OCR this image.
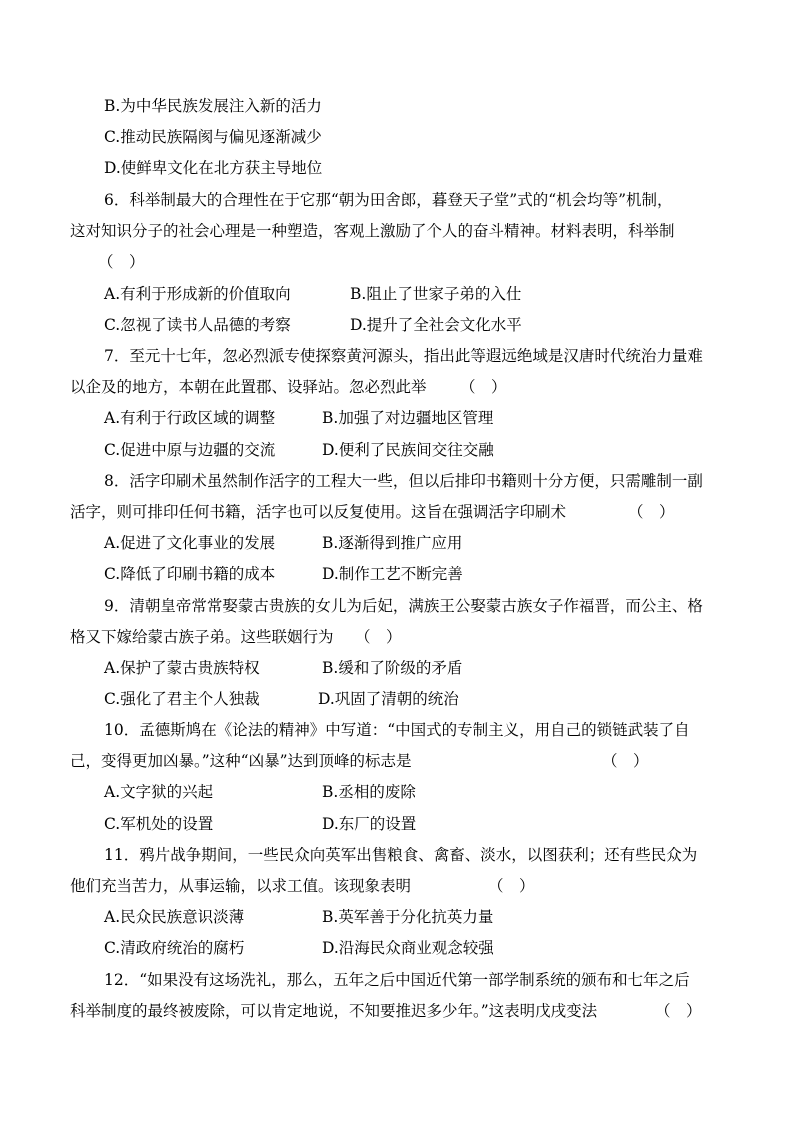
B.为中华民族发展注入新的活力
C.推动民族隔阂与偏见逐渐减少
D.使鲜卑文化在北方获主导地位
6．科举制最大的合理性在于它那“朝为田舍郎，暮登天子堂”式的“机会均等”机制，
这对知识分子的社会心理是一种塑造，客观上激励了个人的奋斗精神。材料表明，科举制
（　）
A.有利于形成新的价值取向	B.阻止了世家子弟的入仕
C.忽视了读书人品德的考察	D.提升了全社会文化水平
7．至元十七年，忽必烈派专使探察黄河源头，指出此等遐远绝域是汉唐时代统治力量难
以企及的地方，本朝在此置郡、设驿站。忽必烈此举 （　）
A.有利于行政区域的调整	B.加强了对边疆地区管理
C.促进中原与边疆的交流	D.便利了民族间交往交融
8．活字印刷术虽然制作活字的工程大一些，但以后排印书籍则十分方便，只需雕制一副
活字，则可排印任何书籍，活字也可以反复使用。这旨在强调活字印刷术	（　）
A.促进了文化事业的发展	B.逐渐得到推广应用
C.降低了印刷书籍的成本	D.制作工艺不断完善
9．清朝皇帝常常娶蒙古贵族的女儿为后妃，满族王公娶蒙古族女子作福晋，而公主、格
格又下嫁给蒙古族子弟。这些联姻行为 （　）
A.保护了蒙古贵族特权	B.缓和了阶级的矛盾
C.强化了君主个人独裁	D.巩固了清朝的统治
10．孟德斯鸠在《论法的精神》中写道：“中国式的专制主义，用自己的锁链武装了自
己，变得更加凶暴。”这种“凶暴”达到顶峰的标志是	（　）
A.文字狱的兴起	B.丞相的废除
C.军机处的设置	D.东厂的设置
11．鸦片战争期间，一些民众向英军出售粮食、禽畜、淡水，以图获利；还有些民众为
他们充当苦力，从事运输，以求工值。该现象表明	（　）
A.民众民族意识淡薄	B.英军善于分化抗英力量
C.清政府统治的腐朽	D.沿海民众商业观念较强
12．“如果没有这场洗礼，那么，五年之后中国近代第一部学制系统的颁布和七年之后
科举制度的最终被废除，可以肯定地说，不知要推迟多少年。”这表明戊戌变法	（　）
